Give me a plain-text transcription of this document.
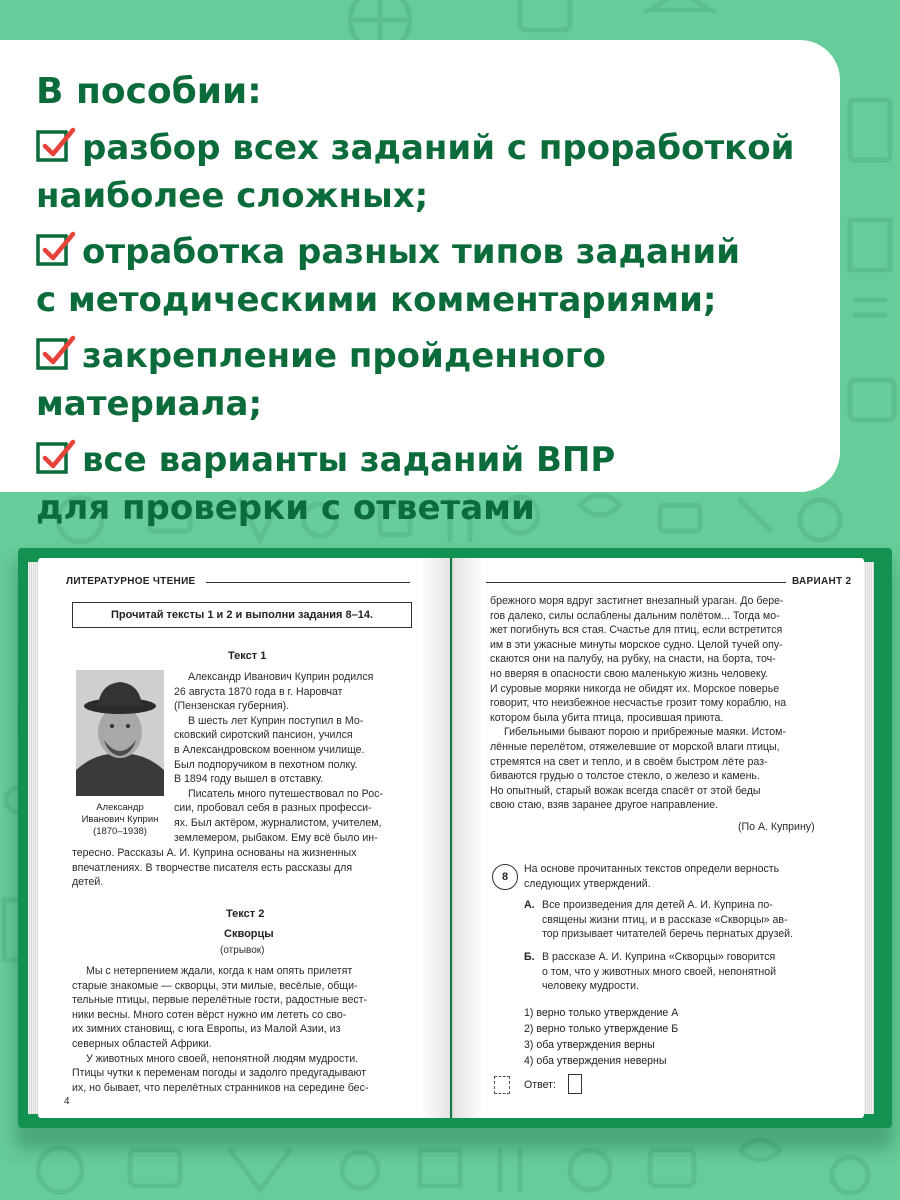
В пособии:
разбор всех заданий с проработкой
наиболее сложных;
отработка разных типов заданий
с методическими комментариями;
закрепление пройденного материала;
все варианты заданий ВПР
для проверки с ответами
ЛИТЕРАТУРНОЕ ЧТЕНИЕ
Прочитай тексты 1 и 2 и выполни задания 8–14.
Текст 1
Александр
Иванович Куприн
(1870–1938)
Александр Иванович Куприн родился
26 августа 1870 года в г. Наровчат
(Пензенская губерния).
В шесть лет Куприн поступил в Мо-
сковский сиротский пансион, учился
в Александровском военном училище.
Был подпоручиком в пехотном полку.
В 1894 году вышел в отставку.
Писатель много путешествовал по Рос-
сии, пробовал себя в разных професси-
ях. Был актёром, журналистом, учителем,
землемером, рыбаком. Ему всё было ин-
тересно. Рассказы А. И. Куприна основаны на жизненных
впечатлениях. В творчестве писателя есть рассказы для
детей.
Текст 2
Скворцы
(отрывок)
Мы с нетерпением ждали, когда к нам опять прилетят
старые знакомые — скворцы, эти милые, весёлые, общи-
тельные птицы, первые перелётные гости, радостные вест-
ники весны. Много сотен вёрст нужно им лететь со сво-
их зимних становищ, с юга Европы, из Малой Азии, из
северных областей Африки.
У животных много своей, непонятной людям мудрости.
Птицы чутки к переменам погоды и задолго предугадывают
их, но бывает, что перелётных странников на середине бес-
4
ВАРИАНТ 2
брежного моря вдруг застигнет внезапный ураган. До бере-
гов далеко, силы ослаблены дальним полётом... Тогда мо-
жет погибнуть вся стая. Счастье для птиц, если встретится
им в эти ужасные минуты морское судно. Целой тучей опу-
скаются они на палубу, на рубку, на снасти, на борта, точ-
но вверяя в опасности свою маленькую жизнь человеку.
И суровые моряки никогда не обидят их. Морское поверье
говорит, что неизбежное несчастье грозит тому кораблю, на
котором была убита птица, просившая приюта.
Гибельными бывают порою и прибрежные маяки. Истом-
лённые перелётом, отяжелевшие от морской влаги птицы,
стремятся на свет и тепло, и в своём быстром лёте раз-
биваются грудью о толстое стекло, о железо и камень.
Но опытный, старый вожак всегда спасёт от этой беды
свою стаю, взяв заранее другое направление.
(По А. Куприну)
8
На основе прочитанных текстов определи верность
следующих утверждений.
А. Все произведения для детей А. И. Куприна по-
священы жизни птиц, и в рассказе «Скворцы» ав-
тор призывает читателей беречь пернатых друзей.
Б. В рассказе А. И. Куприна «Скворцы» говорится
о том, что у животных много своей, непонятной
человеку мудрости.
1) верно только утверждение А
2) верно только утверждение Б
3) оба утверждения верны
4) оба утверждения неверны
Ответ:
